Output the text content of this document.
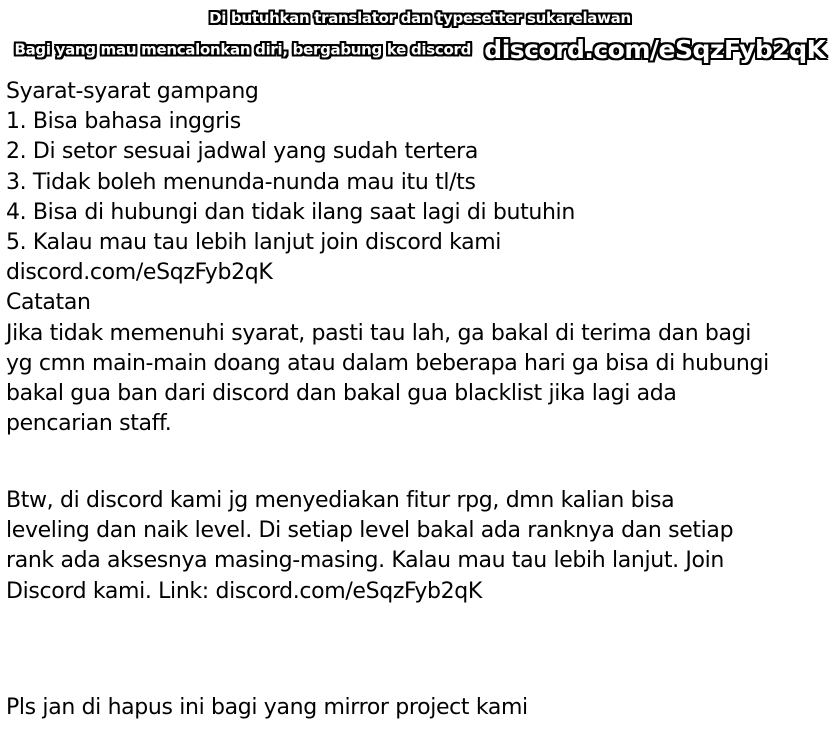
Di butuhkan translator dan typesetter sukarelawan
Bagi yang mau mencalonkan diri, bergabung ke discord discord.com/eSqzFyb2qK
Syarat-syarat gampang
1. Bisa bahasa inggris
2. Di setor sesuai jadwal yang sudah tertera
3. Tidak boleh menunda-nunda mau itu tl/ts
4. Bisa di hubungi dan tidak ilang saat lagi di butuhin
5. Kalau mau tau lebih lanjut join discord kami
discord.com/eSqzFyb2qK
Catatan
Jika tidak memenuhi syarat, pasti tau lah, ga bakal di terima dan bagi
yg cmn main-main doang atau dalam beberapa hari ga bisa di hubungi
bakal gua ban dari discord dan bakal gua blacklist jika lagi ada
pencarian staff.
Btw, di discord kami jg menyediakan fitur rpg, dmn kalian bisa
leveling dan naik level. Di setiap level bakal ada ranknya dan setiap
rank ada aksesnya masing-masing. Kalau mau tau lebih lanjut. Join
Discord kami. Link: discord.com/eSqzFyb2qK
Pls jan di hapus ini bagi yang mirror project kami
